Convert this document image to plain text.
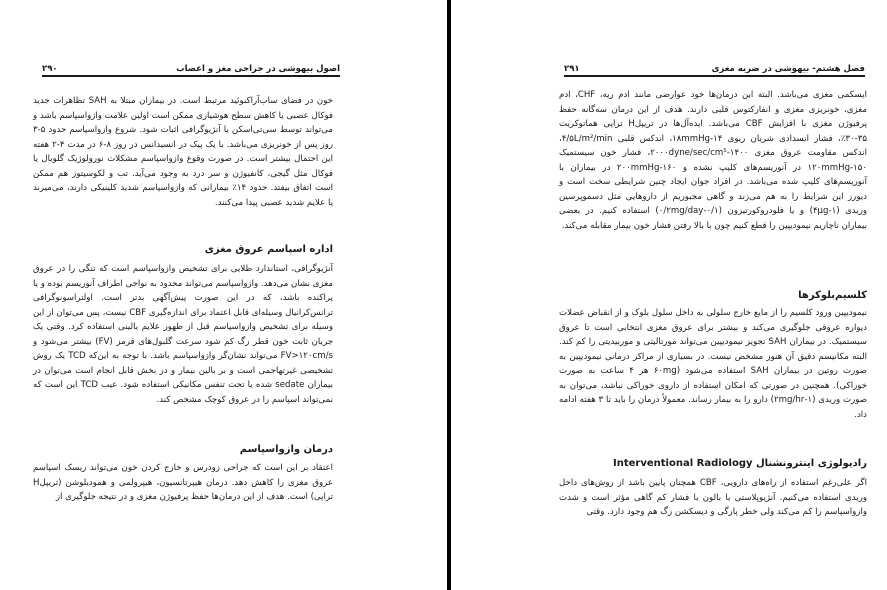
اصول بیهوشی در جراحی مغز و اعصاب
۲۹۰

خون در فضای ساب‌آراکنوئید مرتبط است. در بیماران مبتلا به SAH تظاهرات جدید فوکال عصبی یا کاهش سطح هوشیاری ممکن است اولین علامت وازواسپاسم باشد و می‌تواند توسط سی‌تی‌اسکن یا آنژیوگرافی اثبات شود. شروع وازواسپاسم حدود ۵-۳ روز پس از خونریزی می‌باشد. با یک پیک در انسیدانس در روز ۸-۶ در مدت ۴-۲ هفته این احتمال بیشتر است. در صورت وقوع وازواسپاسم مشکلات نورولوژیک گلوبال یا فوکال مثل گیجی، کانفیوژن و سر درد به وجود می‌آید. تب و لکوسیتوز هم ممکن است اتفاق بیفتد. حدود ۱۴٪ بیمارانی که وازواسپاسم شدید کلینیکی دارند، می‌میرند یا علایم شدید عصبی پیدا می‌کنند.

اداره اسپاسم عروق مغزی

آنژیوگرافی، استاندارد طلایی برای تشخیص وازواسپاسم است که تنگی را در عروق مغزی نشان می‌دهد. وازواسپاسم می‌تواند محدود به نواحی اطراف آنوریسم بوده و یا پراکنده باشد، که در این صورت پیش‌آگهی بدتر است. اولتراسونوگرافی ترانس‌کرانیال وسیله‌ای قابل اعتماد برای اندازه‌گیری CBF نیست، پس می‌توان از این وسیله برای تشخیص وازواسپاسم قبل از ظهور علایم بالینی استفاده کرد. وقتی یک جریان ثابت خون قطر رگ کم شود سرعت گلبول‌های قرمز (FV) بیشتر می‌شود و FV>۱۲۰cm/s می‌تواند نشان‌گر وازواسپاسم باشد. با توجه به این‌که TCD یک روش تشخیصی غیرتهاجمی است و بر بالین بیمار و در بخش قابل انجام است می‌توان در بیماران sedate شده یا تحت تنفس مکانیکی استفاده شود. عیب TCD این است که نمی‌تواند اسپاسم را در عروق کوچک مشخص کند.

درمان وازواسپاسم

اعتقاد بر این است که جراحی زودرس و خارج کردن خون می‌تواند ریسک اسپاسم عروق مغزی را کاهش دهد. درمان هیپرتانسیون، هیپرولمی و همودیلوشن (تریپل‌H تراپی) است. هدف از این درمان‌ها حفظ پرفیوژن مغزی و در نتیجه جلوگیری از

فصل هشتم- بیهوشی در ضربه مغزی
۲۹۱

ایسکمی مغزی می‌باشد. البته این درمان‌ها خود عوارضی مانند ادم ریه، CHF، ادم مغزی، خونریزی مغزی و انفارکتوس قلبی دارند. هدف از این درمان سه‌گانه حفظ پرفیوژن مغزی با افزایش CBF می‌باشد. ایده‌آل‌ها در تریپل‌H تراپی هماتوکریت ۳۵-۳۰٪، فشار انسدادی شریان ریوی ۱۸mmHg-۱۴، اندکس قلبی ۴/۵L/m²/min، اندکس مقاومت عروق مغزی ۱۴۰۰-۲۰۰۰dyne/sec/cm⁵، فشار خون سیستمیک ۱۵۰-۱۲۰mmHg در آنوریسم‌های کلیپ نشده و ۲۰۰mmHg-۱۶۰ در بیماران با آنوریسم‌های کلیپ شده می‌باشد. در افراد جوان ایجاد چنین شرایطی سخت است و دیورز این شرایط را به هم می‌زند و گاهی مجبوریم از داروهایی مثل دسموپرسین وریدی (۴μg-۱) و یا فلودروکورتیزون (۰/۱-۰/۲mg/day) استفاده کنیم. در بعضی بیماران ناچاریم نیمودیپین را قطع کنیم چون با بالا رفتن فشار خون بیمار مقابله می‌کند.

کلسیم‌بلوکرها

نیمودیپین ورود کلسیم را از مایع خارج سلولی به داخل سلول بلوک و از انقباض عضلات دیواره عروقی جلوگیری می‌کند و بیشتر برای عروق مغزی انتخابی است تا عروق سیستمیک. در بیماران SAH تجویز نیمودیپین می‌تواند مورتالیتی و موربیدیتی را کم کند. البته مکانیسم دقیق آن هنوز مشخص نیست. در بسیاری از مراکز درمانی نیمودیپین به صورت روتین در بیماران SAH استفاده می‌شود (۶۰mg هر ۴ ساعت به صورت خوراکی). همچنین در صورتی که امکان استفاده از داروی خوراکی نباشد، می‌توان به صورت وریدی (۱-۲mg/hr) دارو را به بیمار رساند. معمولاً درمان را باید تا ۳ هفته ادامه داد.

رادیولوژی اینترونشنال Interventional Radiology

اگر علی‌رغم استفاده از راه‌های دارویی، CBF همچنان پایین باشد از روش‌های داخل وریدی استفاده می‌کنیم. آنژیوپلاستی با بالون با فشار کم گاهی مؤثر است و شدت وازواسپاسم را کم می‌کند ولی خطر پارگی و دیسکشن رگ هم وجود دارد. وقتی
